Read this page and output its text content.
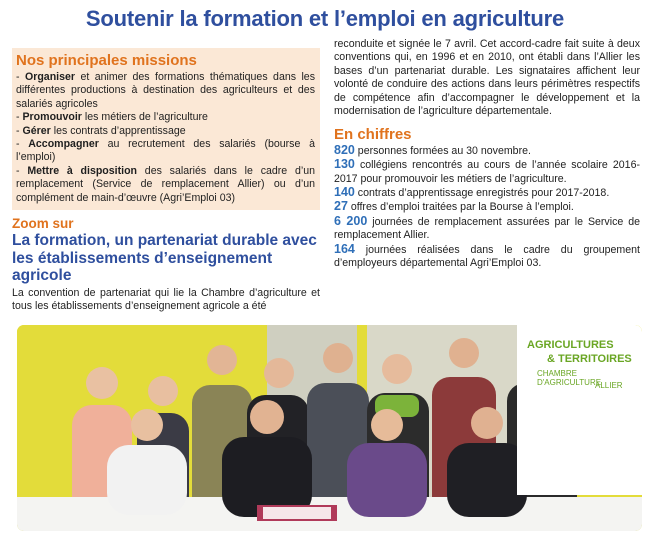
Soutenir la formation et l’emploi en agriculture
Nos principales missions

- Organiser et animer des formations thématiques dans les différentes productions à destination des agriculteurs et des salariés agricoles

- Promouvoir les métiers de l’agriculture

- Gérer les contrats d’apprentissage

- Accompagner au recrutement des salariés (bourse à l’emploi)

- Mettre à disposition des salariés dans le cadre d’un remplacement (Service de remplacement Allier) ou d’un complément de main-d’œuvre (Agri’Emploi 03)

Zoom sur
La formation, un partenariat durable avec les établissements d’enseignement agricole
La convention de partenariat qui lie la Chambre d’agriculture et tous les établissements d’enseignement agricole a été
reconduite et signée le 7 avril. Cet accord-cadre fait suite à deux conventions qui, en 1996 et en 2010, ont établi dans l’Allier les bases d’un partenariat durable. Les signataires affichent leur volonté de conduire des actions dans leurs périmètres respectifs de compétence afin d’accompagner le développement et la modernisation de l’agriculture départementale.
En chiffres

820 personnes formées au 30 novembre.

130 collégiens rencontrés au cours de l’année scolaire 2016-2017 pour promouvoir les métiers de l’agriculture.

140 contrats d’apprentissage enregistrés pour 2017-2018.

27 offres d’emploi traitées par la Bourse à l’emploi.

6 200 journées de remplacement assurées par le Service de remplacement Allier.

164 journées réalisées dans le cadre du groupement d’employeurs départemental Agri’Emploi 03.

AGRICULTURES
& TERRITOIRES
CHAMBRE D'AGRICULTURE
ALLIER
